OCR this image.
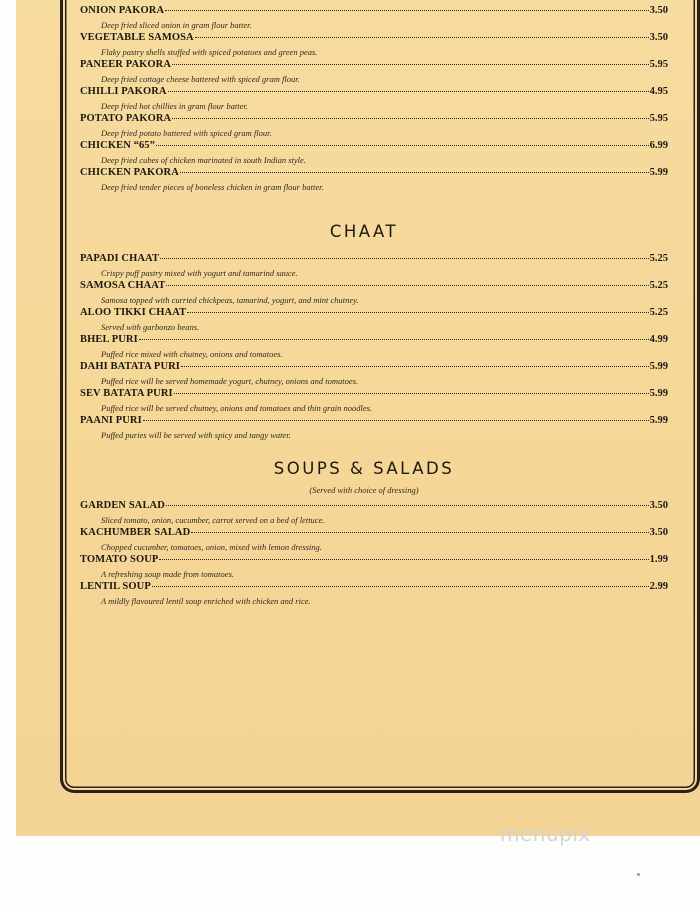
ONION PAKORA	3.50
Deep fried sliced onion in gram flour batter.
VEGETABLE SAMOSA	3.50
Flaky pastry shells stuffed with spiced potatoes and green peas.
PANEER PAKORA	5.95
Deep fried cottage cheese battered with spiced gram flour.
CHILLI PAKORA	4.95
Deep fried hot chillies in gram flour batter.
POTATO PAKORA	5.95
Deep fried potato battered with spiced gram flour.
CHICKEN “65”	6.99
Deep fried cubes of chicken marinated in south Indian style.
CHICKEN PAKORA	5.99
Deep fried tender pieces of boneless chicken in gram flour batter.
CHAAT
PAPADI CHAAT	5.25
Crispy puff pastry mixed with yogurt and tamarind sauce.
SAMOSA CHAAT	5.25
Samosa topped with curried chickpeas, tamarind, yogurt, and mint chutney.
ALOO TIKKI CHAAT	5.25
Served with garbonzo beans.
BHEL PURI	4.99
Puffed rice mixed with chutney, onions and tomatoes.
DAHI BATATA PURI	5.99
Puffed rice will be served homemade yogurt, chutney, onions and tomatoes.
SEV BATATA PURI	5.99
Puffed rice will be served chutney, onions and tomatoes and thin grain noodles.
PAANI PURI	5.99
Puffed puries will be served with spicy and tangy water.
SOUPS & SALADS
(Served with choice of dressing)
GARDEN SALAD	3.50
Sliced tomato, onion, cucumber, carrot served on a bed of lettuce.
KACHUMBER SALAD	3.50
Chopped cucumber, tomatoes, onion, mixed with lemon dressing.
TOMATO SOUP	1.99
A refreshing soup made from tomatoes.
LENTIL SOUP	2.99
A mildly flavoured lentil soup enriched with chicken and rice.
menupix
